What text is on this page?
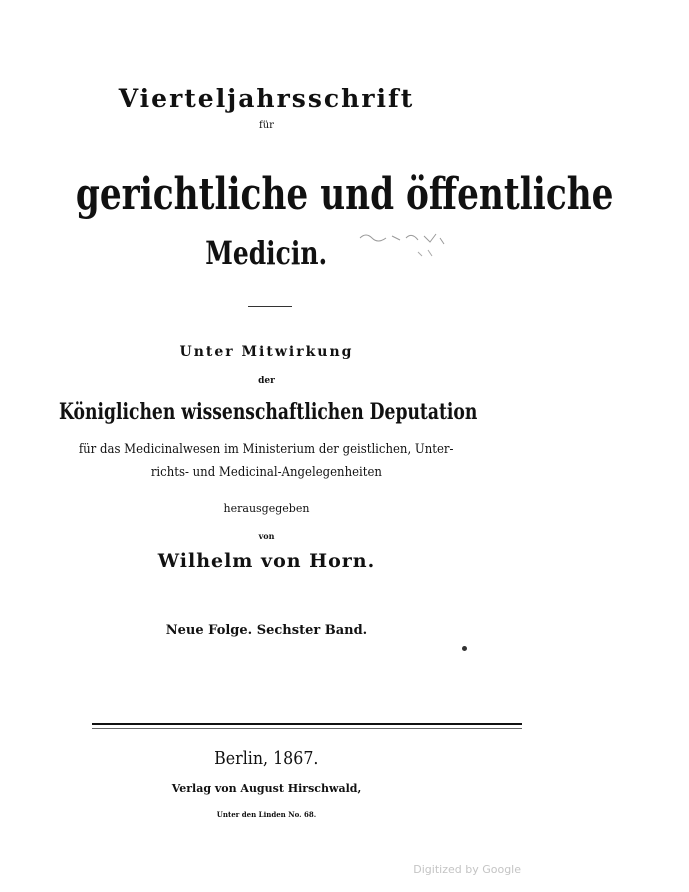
Vierteljahrsschrift
für
gerichtliche und öffentliche
Medicin.
Unter Mitwirkung
der
Königlichen wissenschaftlichen Deputation
für das Medicinalwesen im Ministerium der geistlichen, Unter-
richts- und Medicinal-Angelegenheiten
herausgegeben
von
Wilhelm von Horn.
Neue Folge. Sechster Band.
Berlin, 1867.
Verlag von August Hirschwald,
Unter den Linden No. 68.
Digitized by Google
